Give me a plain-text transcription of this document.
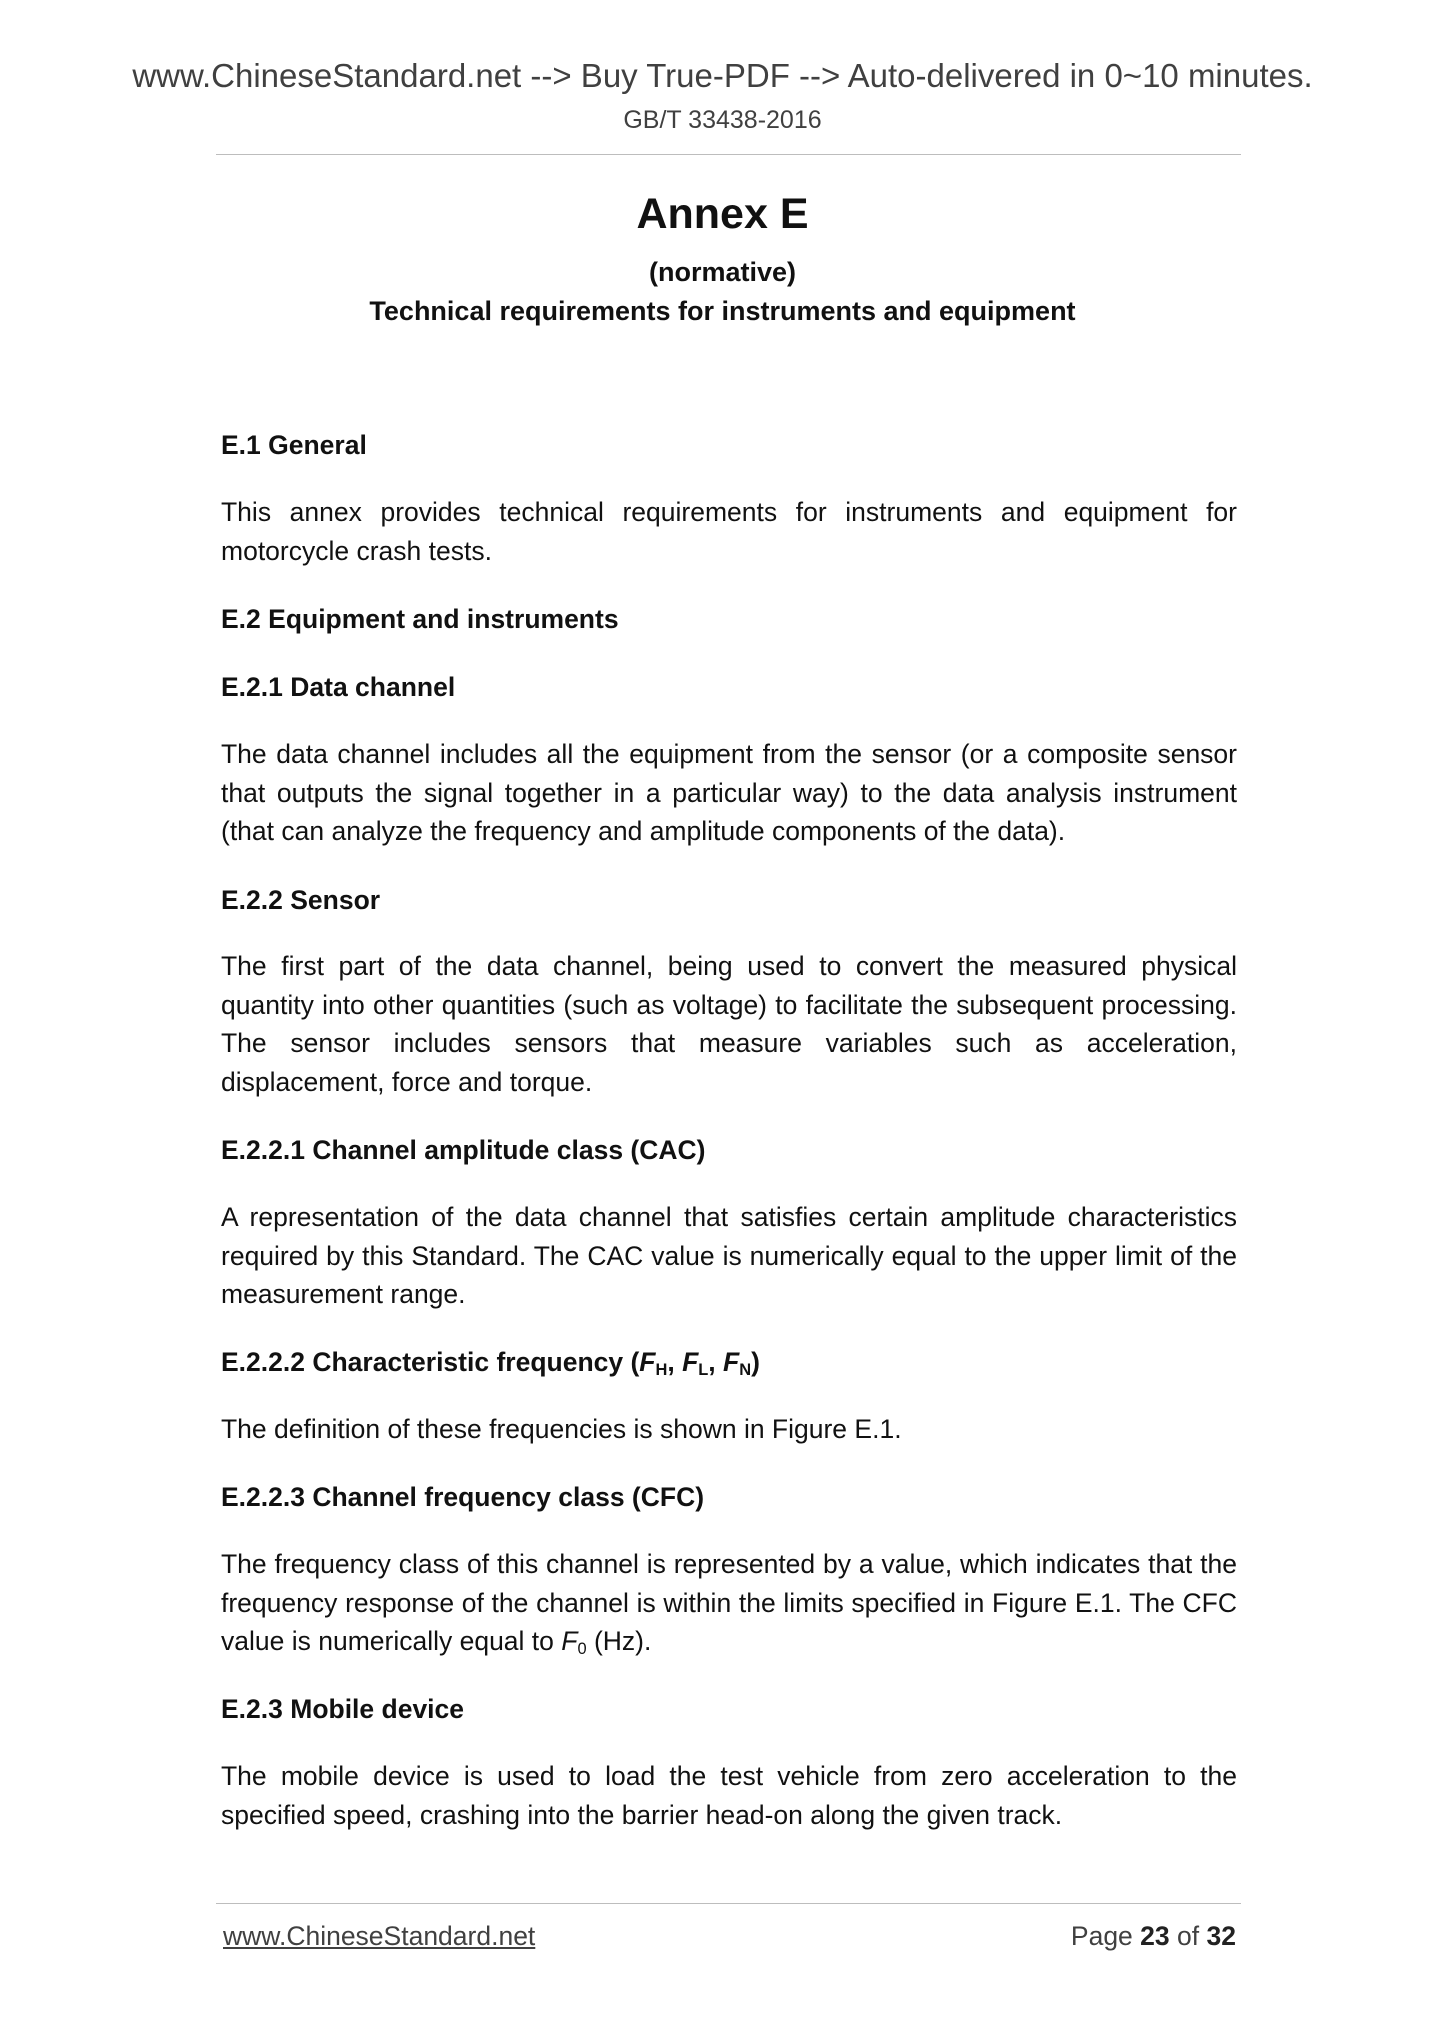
www.ChineseStandard.net --> Buy True-PDF --> Auto-delivered in 0~10 minutes.
GB/T 33438-2016
Annex E
(normative)
Technical requirements for instruments and equipment
E.1 General
This annex provides technical requirements for instruments and equipment for motorcycle crash tests.
E.2 Equipment and instruments
E.2.1 Data channel
The data channel includes all the equipment from the sensor (or a composite sensor that outputs the signal together in a particular way) to the data analysis instrument (that can analyze the frequency and amplitude components of the data).
E.2.2 Sensor
The first part of the data channel, being used to convert the measured physical quantity into other quantities (such as voltage) to facilitate the subsequent processing. The sensor includes sensors that measure variables such as acceleration, displacement, force and torque.
E.2.2.1 Channel amplitude class (CAC)
A representation of the data channel that satisfies certain amplitude characteristics required by this Standard. The CAC value is numerically equal to the upper limit of the measurement range.
E.2.2.2 Characteristic frequency ($F_H$, $F_L$, $F_N$)
The definition of these frequencies is shown in Figure E.1.
E.2.2.3 Channel frequency class (CFC)
The frequency class of this channel is represented by a value, which indicates that the frequency response of the channel is within the limits specified in Figure E.1. The CFC value is numerically equal to $F_0$ (Hz).
E.2.3 Mobile device
The mobile device is used to load the test vehicle from zero acceleration to the specified speed, crashing into the barrier head-on along the given track.
www.ChineseStandard.net	Page 23 of 32
